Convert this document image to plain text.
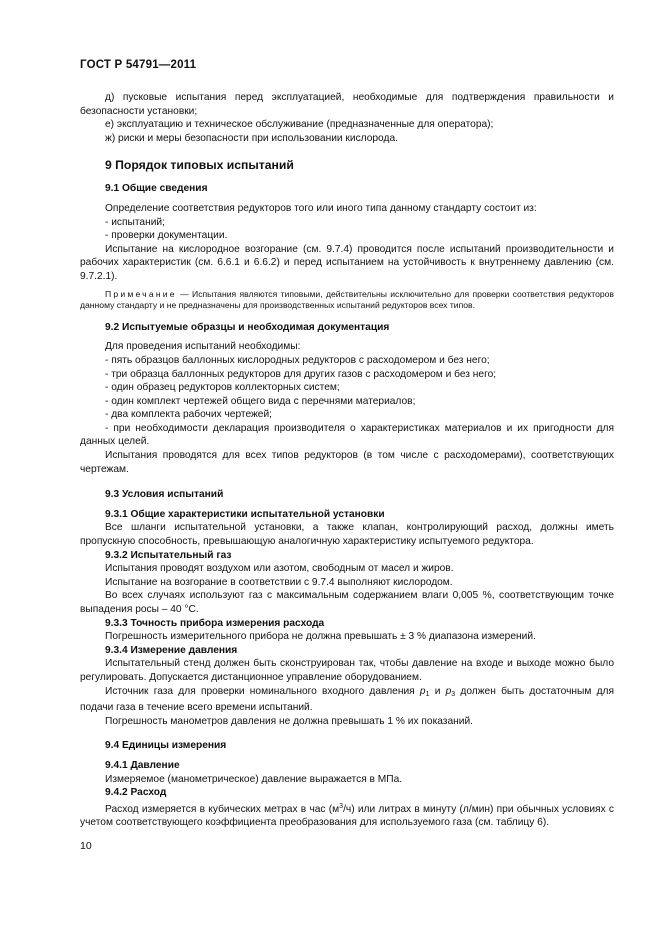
ГОСТ Р 54791—2011

д) пусковые испытания перед эксплуатацией, необходимые для подтверждения правильности и безопасности установки;

е) эксплуатацию и техническое обслуживание (предназначенные для оператора);

ж) риски и меры безопасности при использовании кислорода.

9 Порядок типовых испытаний
9.1 Общие сведения

Определение соответствия редукторов того или иного типа данному стандарту состоит из:

- испытаний;

- проверки документации.

Испытание на кислородное возгорание (см. 9.7.4) проводится после испытаний производительности и рабочих характеристик (см. 6.6.1 и 6.6.2) и перед испытанием на устойчивость к внутреннему давлению (см. 9.7.2.1).

Примечание — Испытания являются типовыми, действительны исключительно для проверки соответствия редукторов данному стандарту и не предназначены для производственных испытаний редукторов всех типов.

9.2 Испытуемые образцы и необходимая документация

Для проведения испытаний необходимы:

- пять образцов баллонных кислородных редукторов с расходомером и без него;

- три образца баллонных редукторов для других газов с расходомером и без него;

- один образец редукторов коллекторных систем;

- один комплект чертежей общего вида с перечнями материалов;

- два комплекта рабочих чертежей;

- при необходимости декларация производителя о характеристиках материалов и их пригодности для данных целей.

Испытания проводятся для всех типов редукторов (в том числе с расходомерами), соответствующих чертежам.

9.3 Условия испытаний
9.3.1 Общие характеристики испытательной установки

Все шланги испытательной установки, а также клапан, контролирующий расход, должны иметь пропускную способность, превышающую аналогичную характеристику испытуемого редуктора.

9.3.2 Испытательный газ

Испытания проводят воздухом или азотом, свободным от масел и жиров.

Испытание на возгорание в соответствии с 9.7.4 выполняют кислородом.

Во всех случаях используют газ с максимальным содержанием влаги 0,005 %, соответствующим точке выпадения росы – 40 °С.

9.3.3 Точность прибора измерения расхода

Погрешность измерительного прибора не должна превышать ± 3 % диапазона измерений.

9.3.4 Измерение давления

Испытательный стенд должен быть сконструирован так, чтобы давление на входе и выходе можно было регулировать. Допускается дистанционное управление оборудованием.

Источник газа для проверки номинального входного давления $p_1$ и $p_3$ должен быть достаточным для подачи газа в течение всего времени испытаний.

Погрешность манометров давления не должна превышать 1 % их показаний.

9.4 Единицы измерения
9.4.1 Давление

Измеряемое (манометрическое) давление выражается в МПа.

9.4.2 Расход

Расход измеряется в кубических метрах в час $(м^3/ч)$ или литрах в минуту (л/мин) при обычных условиях с учетом соответствующего коэффициента преобразования для используемого газа (см. таблицу 6).

10
